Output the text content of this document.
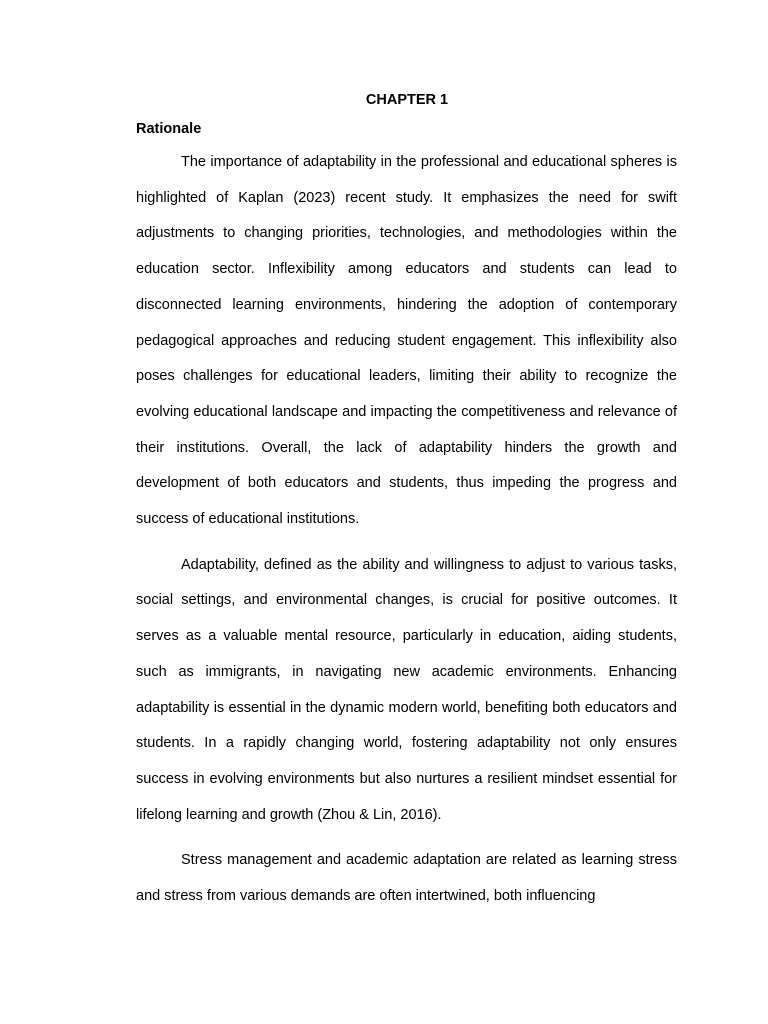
CHAPTER 1
Rationale

The importance of adaptability in the professional and educational spheres is highlighted of Kaplan (2023) recent study. It emphasizes the need for swift adjustments to changing priorities, technologies, and methodologies within the education sector. Inflexibility among educators and students can lead to disconnected learning environments, hindering the adoption of contemporary pedagogical approaches and reducing student engagement. This inflexibility also poses challenges for educational leaders, limiting their ability to recognize the evolving educational landscape and impacting the competitiveness and relevance of their institutions. Overall, the lack of adaptability hinders the growth and development of both educators and students, thus impeding the progress and success of educational institutions.

Adaptability, defined as the ability and willingness to adjust to various tasks, social settings, and environmental changes, is crucial for positive outcomes. It serves as a valuable mental resource, particularly in education, aiding students, such as immigrants, in navigating new academic environments. Enhancing adaptability is essential in the dynamic modern world, benefiting both educators and students. In a rapidly changing world, fostering adaptability not only ensures success in evolving environments but also nurtures a resilient mindset essential for lifelong learning and growth (Zhou & Lin, 2016).

Stress management and academic adaptation are related as learning stress and stress from various demands are often intertwined, both influencing
